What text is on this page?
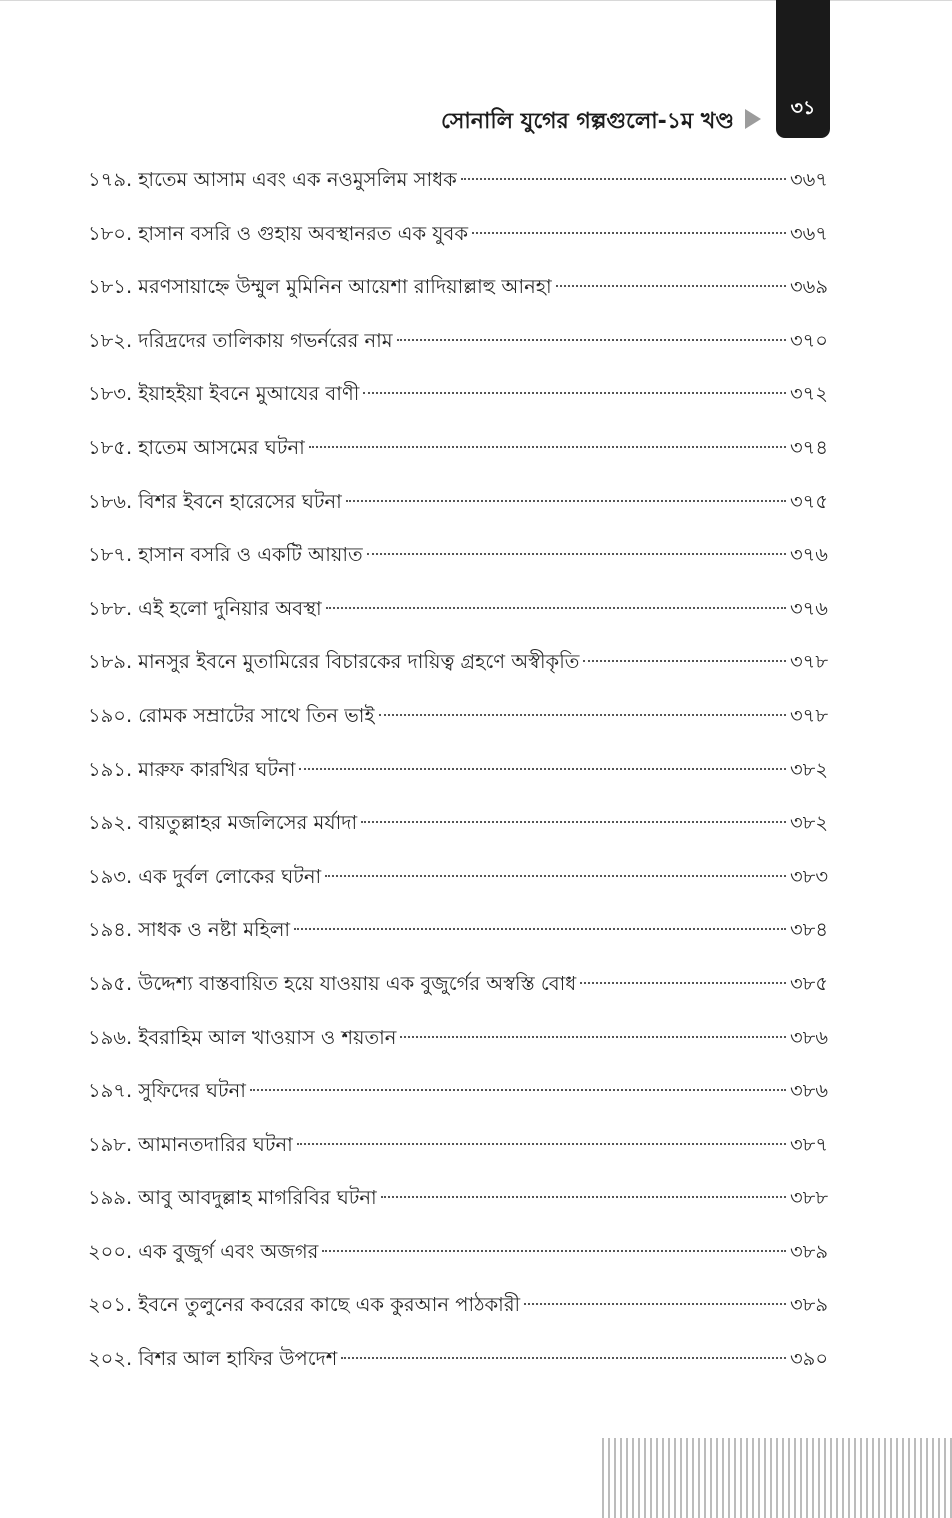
৩১
সোনালি যুগের গল্পগুলো-১ম খণ্ড
১৭৯. হাতেম আসাম এবং এক নওমুসলিম সাধক	৩৬৭
১৮০. হাসান বসরি ও গুহায় অবস্থানরত এক যুবক	৩৬৭
১৮১. মরণসায়াহ্নে উম্মুল মুমিনিন আয়েশা রাদিয়াল্লাহু আনহা	৩৬৯
১৮২. দরিদ্রদের তালিকায় গভর্নরের নাম	৩৭০
১৮৩. ইয়াহইয়া ইবনে মুআযের বাণী	৩৭২
১৮৫. হাতেম আসমের ঘটনা	৩৭৪
১৮৬. বিশর ইবনে হারেসের ঘটনা	৩৭৫
১৮৭. হাসান বসরি ও একটি আয়াত	৩৭৬
১৮৮. এই হলো দুনিয়ার অবস্থা	৩৭৬
১৮৯. মানসুর ইবনে মুতামিরের বিচারকের দায়িত্ব গ্রহণে অস্বীকৃতি	৩৭৮
১৯০. রোমক সম্রাটের সাথে তিন ভাই	৩৭৮
১৯১. মারুফ কারখির ঘটনা	৩৮২
১৯২. বায়তুল্লাহর মজলিসের মর্যাদা	৩৮২
১৯৩. এক দুর্বল লোকের ঘটনা	৩৮৩
১৯৪. সাধক ও নষ্টা মহিলা	৩৮৪
১৯৫. উদ্দেশ্য বাস্তবায়িত হয়ে যাওয়ায় এক বুজুর্গের অস্বস্তি বোধ	৩৮৫
১৯৬. ইবরাহিম আল খাওয়াস ও শয়তান	৩৮৬
১৯৭. সুফিদের ঘটনা	৩৮৬
১৯৮. আমানতদারির ঘটনা	৩৮৭
১৯৯. আবু আবদুল্লাহ মাগরিবির ঘটনা	৩৮৮
২০০. এক বুজুর্গ এবং অজগর	৩৮৯
২০১. ইবনে তুলুনের কবরের কাছে এক কুরআন পাঠকারী	৩৮৯
২০২. বিশর আল হাফির উপদেশ	৩৯০
